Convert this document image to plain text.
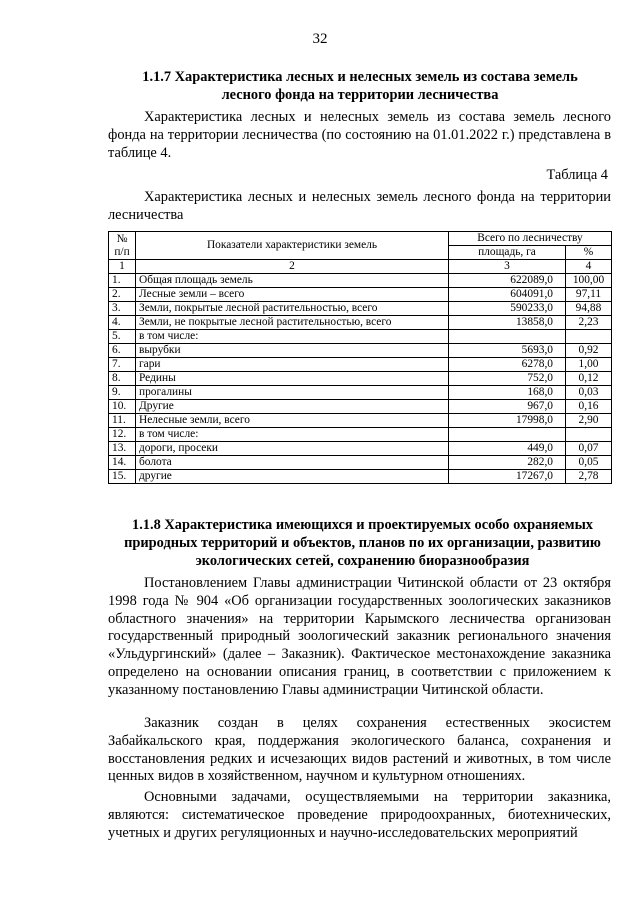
32
1.1.7 Характеристика лесных и нелесных земель из состава земель
лесного фонда на территории лесничества

Характеристика лесных и нелесных земель из состава земель лесного фонда на территории лесничества (по состоянию на 01.01.2022 г.) представлена в таблице 4.

Таблица 4

Характеристика лесных и нелесных земель лесного фонда на территории лесничества

№ п/п	Показатели характеристики земель	Всего по лесничеству	
		площадь, га	%
1	2	3	4
1.	Общая площадь земель	622089,0	100,00
2.	Лесные земли – всего	604091,0	97,11
3.	Земли, покрытые лесной растительностью, всего	590233,0	94,88
4.	Земли, не покрытые лесной растительностью, всего	13858,0	2,23
5.	в том числе:		
6.	вырубки	5693,0	0,92
7.	гари	6278,0	1,00
8.	Редины	752,0	0,12
9.	прогалины	168,0	0,03
10.	Другие	967,0	0,16
11.	Нелесные земли, всего	17998,0	2,90
12.	в том числе:		
13.	дороги, просеки	449,0	0,07
14.	болота	282,0	0,05
15.	другие	17267,0	2,78
1.1.8 Характеристика имеющихся и проектируемых особо охраняемых
природных территорий и объектов, планов по их организации, развитию
экологических сетей, сохранению биоразнообразия

Постановлением Главы администрации Читинской области от 23 октября 1998 года № 904 «Об организации государственных зоологических заказников областного значения» на территории Карымского лесничества организован государственный природный зоологический заказник регионального значения «Ульдургинский» (далее – Заказник). Фактическое местонахождение заказника определено на основании описания границ, в соответствии с приложением к указанному постановлению Главы администрации Читинской области.

Заказник создан в целях сохранения естественных экосистем Забайкальского края, поддержания экологического баланса, сохранения и восстановления редких и исчезающих видов растений и животных, в том числе ценных видов в хозяйственном, научном и культурном отношениях.

Основными задачами, осуществляемыми на территории заказника, являются: систематическое проведение природоохранных, биотехнических, учетных и других регуляционных и научно-исследовательских мероприятий
